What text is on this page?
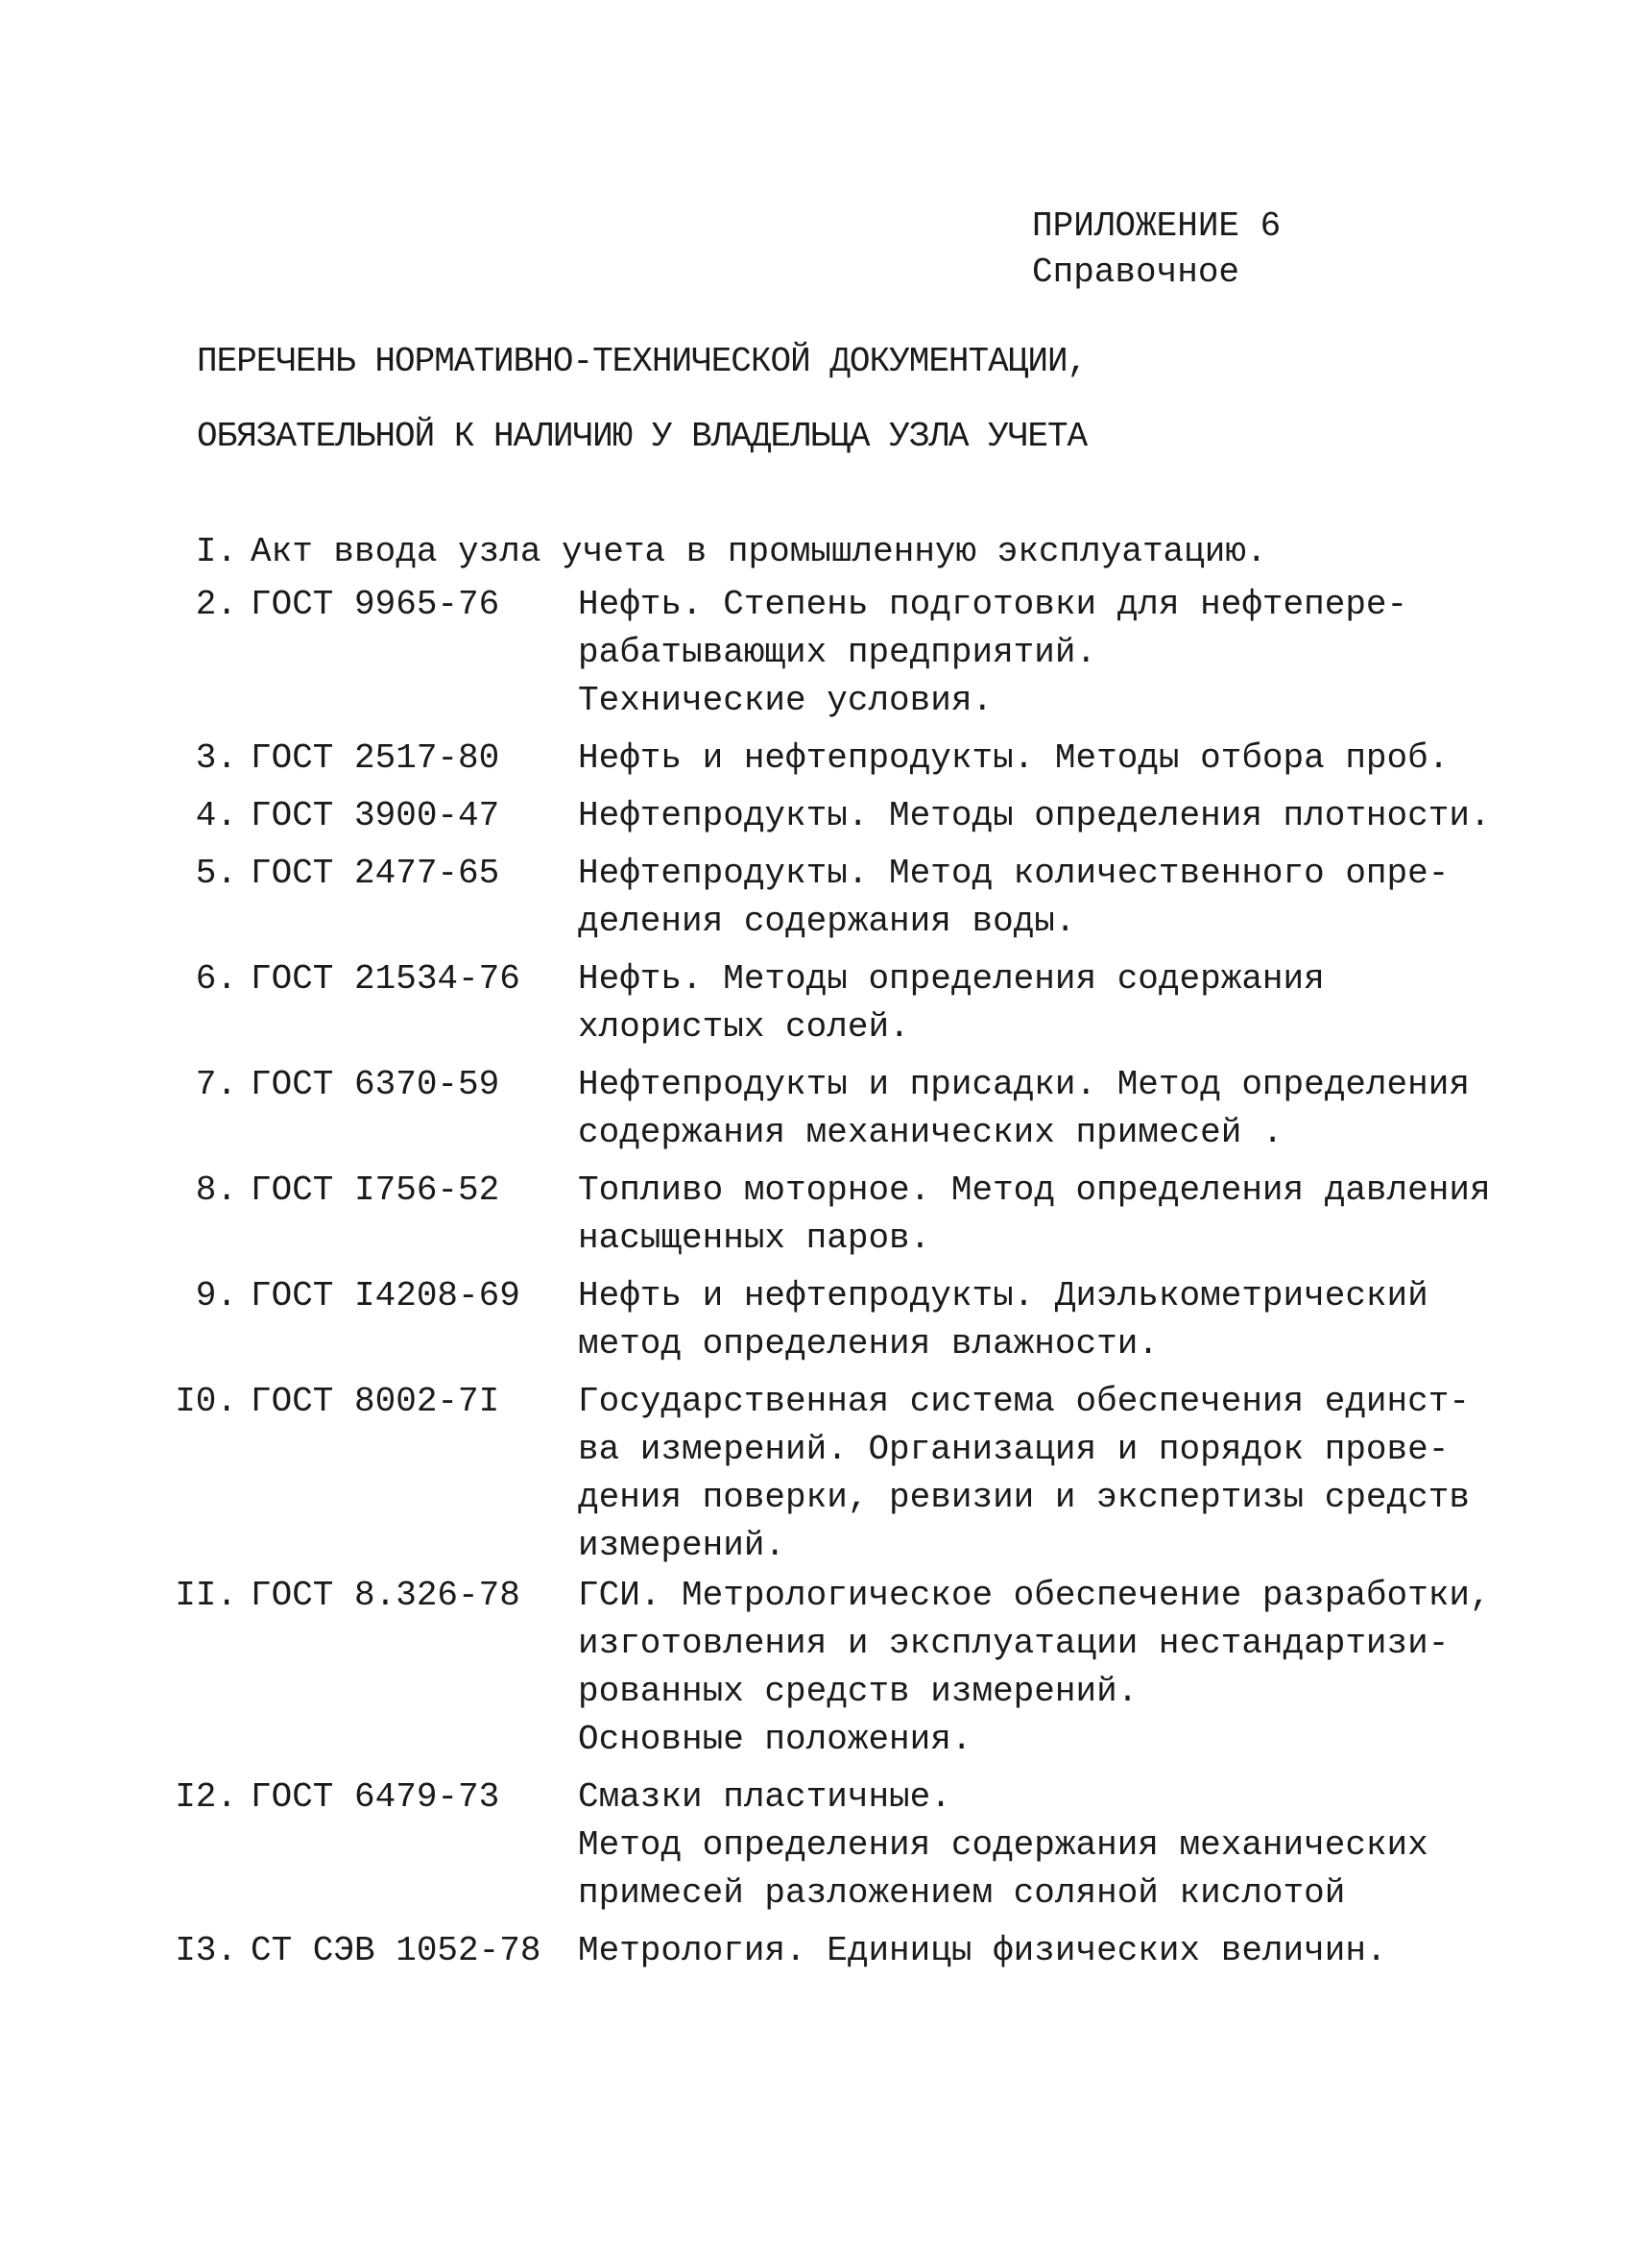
ПРИЛОЖЕНИЕ 6
Справочное
ПЕРЕЧЕНЬ НОРМАТИВНО-ТЕХНИЧЕСКОЙ ДОКУМЕНТАЦИИ,
ОБЯЗАТЕЛЬНОЙ К НАЛИЧИЮ У ВЛАДЕЛЬЦА УЗЛА УЧЕТА
I. Акт ввода узла учета в промышленную эксплуатацию.
2. ГОСТ 9965-76	Нефть. Степень подготовки для нефтепере-
рабатывающих предприятий.
Технические условия.
3. ГОСТ 2517-80	Нефть и нефтепродукты. Методы отбора проб.
4. ГОСТ 3900-47	Нефтепродукты. Методы определения плотности.
5. ГОСТ 2477-65	Нефтепродукты. Метод количественного опре-
деления содержания воды.
6. ГОСТ 21534-76	Нефть. Методы определения содержания
хлористых солей.
7. ГОСТ 6370-59	Нефтепродукты и присадки. Метод определения
содержания механических примесей .
8. ГОСТ I756-52	Топливо моторное. Метод определения давления
насыщенных паров.
9. ГОСТ I4208-69	Нефть и нефтепродукты. Диэлькометрический
метод определения влажности.
I0. ГОСТ 8002-7I	Государственная система обеспечения единст-
ва измерений. Организация и порядок прове-
дения поверки, ревизии и экспертизы средств
измерений.
II. ГОСТ 8.326-78	ГСИ. Метрологическое обеспечение разработки,
изготовления и эксплуатации нестандартизи-
рованных средств измерений.
Основные положения.
I2. ГОСТ 6479-73	Смазки пластичные.
Метод определения содержания механических
примесей разложением соляной кислотой
I3. СТ СЭВ 1052-78	Метрология. Единицы физических величин.
